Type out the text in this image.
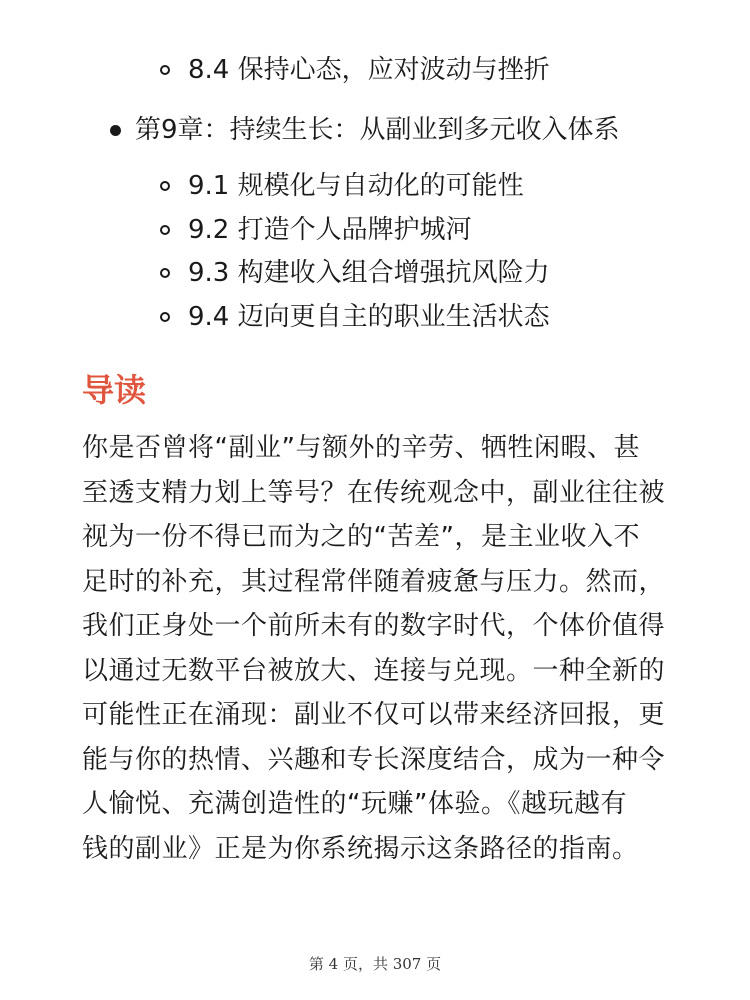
8.4 保持心态，应对波动与挫折
第9章：持续生长：从副业到多元收入体系
9.1 规模化与自动化的可能性
9.2 打造个人品牌护城河
9.3 构建收入组合增强抗风险力
9.4 迈向更自主的职业生活状态
导读
你是否曾将“副业”与额外的辛劳、牺牲闲暇、甚
至透支精力划上等号？在传统观念中，副业往往被
视为一份不得已而为之的“苦差”，是主业收入不
足时的补充，其过程常伴随着疲惫与压力。然而，
我们正身处一个前所未有的数字时代，个体价值得
以通过无数平台被放大、连接与兑现。一种全新的
可能性正在涌现：副业不仅可以带来经济回报，更
能与你的热情、兴趣和专长深度结合，成为一种令
人愉悦、充满创造性的“玩赚”体验。《越玩越有
钱的副业》正是为你系统揭示这条路径的指南。
第 4 页，共 307 页
